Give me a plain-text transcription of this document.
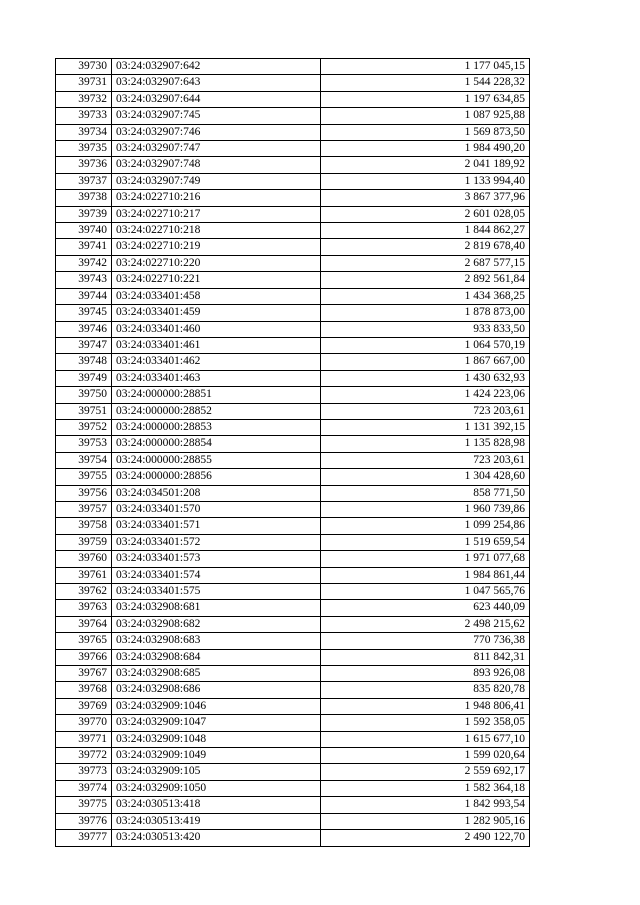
39730	03:24:032907:642	1 177 045,15
39731	03:24:032907:643	1 544 228,32
39732	03:24:032907:644	1 197 634,85
39733	03:24:032907:745	1 087 925,88
39734	03:24:032907:746	1 569 873,50
39735	03:24:032907:747	1 984 490,20
39736	03:24:032907:748	2 041 189,92
39737	03:24:032907:749	1 133 994,40
39738	03:24:022710:216	3 867 377,96
39739	03:24:022710:217	2 601 028,05
39740	03:24:022710:218	1 844 862,27
39741	03:24:022710:219	2 819 678,40
39742	03:24:022710:220	2 687 577,15
39743	03:24:022710:221	2 892 561,84
39744	03:24:033401:458	1 434 368,25
39745	03:24:033401:459	1 878 873,00
39746	03:24:033401:460	933 833,50
39747	03:24:033401:461	1 064 570,19
39748	03:24:033401:462	1 867 667,00
39749	03:24:033401:463	1 430 632,93
39750	03:24:000000:28851	1 424 223,06
39751	03:24:000000:28852	723 203,61
39752	03:24:000000:28853	1 131 392,15
39753	03:24:000000:28854	1 135 828,98
39754	03:24:000000:28855	723 203,61
39755	03:24:000000:28856	1 304 428,60
39756	03:24:034501:208	858 771,50
39757	03:24:033401:570	1 960 739,86
39758	03:24:033401:571	1 099 254,86
39759	03:24:033401:572	1 519 659,54
39760	03:24:033401:573	1 971 077,68
39761	03:24:033401:574	1 984 861,44
39762	03:24:033401:575	1 047 565,76
39763	03:24:032908:681	623 440,09
39764	03:24:032908:682	2 498 215,62
39765	03:24:032908:683	770 736,38
39766	03:24:032908:684	811 842,31
39767	03:24:032908:685	893 926,08
39768	03:24:032908:686	835 820,78
39769	03:24:032909:1046	1 948 806,41
39770	03:24:032909:1047	1 592 358,05
39771	03:24:032909:1048	1 615 677,10
39772	03:24:032909:1049	1 599 020,64
39773	03:24:032909:105	2 559 692,17
39774	03:24:032909:1050	1 582 364,18
39775	03:24:030513:418	1 842 993,54
39776	03:24:030513:419	1 282 905,16
39777	03:24:030513:420	2 490 122,70
